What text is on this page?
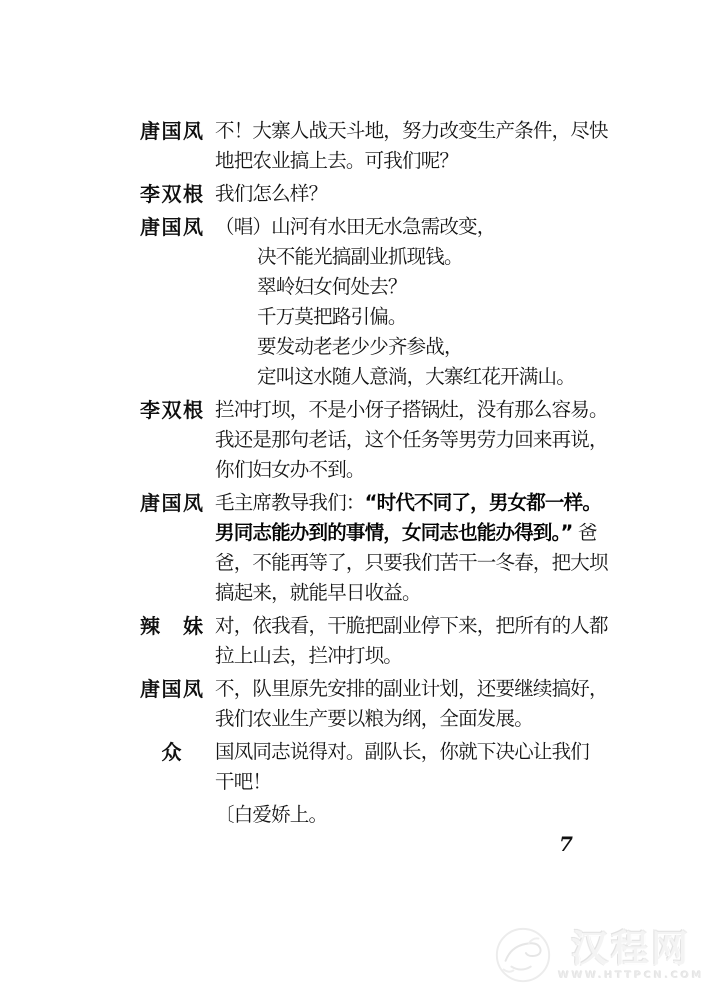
唐国凤 不！大寨人战天斗地，努力改变生产条件，尽快
地把农业搞上去。可我们呢？
李双根 我们怎么样？
唐国凤 （唱）山河有水田无水急需改变，
决不能光搞副业抓现钱。
翠岭妇女何处去？
千万莫把路引偏。
要发动老老少少齐参战，
定叫这水随人意淌，大寨红花开满山。
李双根 拦冲打坝，不是小伢子搭锅灶，没有那么容易。
我还是那句老话，这个任务等男劳力回来再说，
你们妇女办不到。
唐国凤 毛主席教导我们：“时代不同了，男女都一样。
男同志能办到的事情，女同志也能办得到。” 爸
爸，不能再等了，只要我们苦干一冬春，把大坝
搞起来，就能早日收益。
辣　妹 对，依我看，干脆把副业停下来，把所有的人都
拉上山去，拦冲打坝。
唐国凤 不，队里原先安排的副业计划，还要继续搞好，
我们农业生产要以粮为纲，全面发展。
众	国凤同志说得对。副队长，你就下决心让我们
干吧！
〔白爱娇上。
7
汉程网
WWW.HTTPCN.COM
